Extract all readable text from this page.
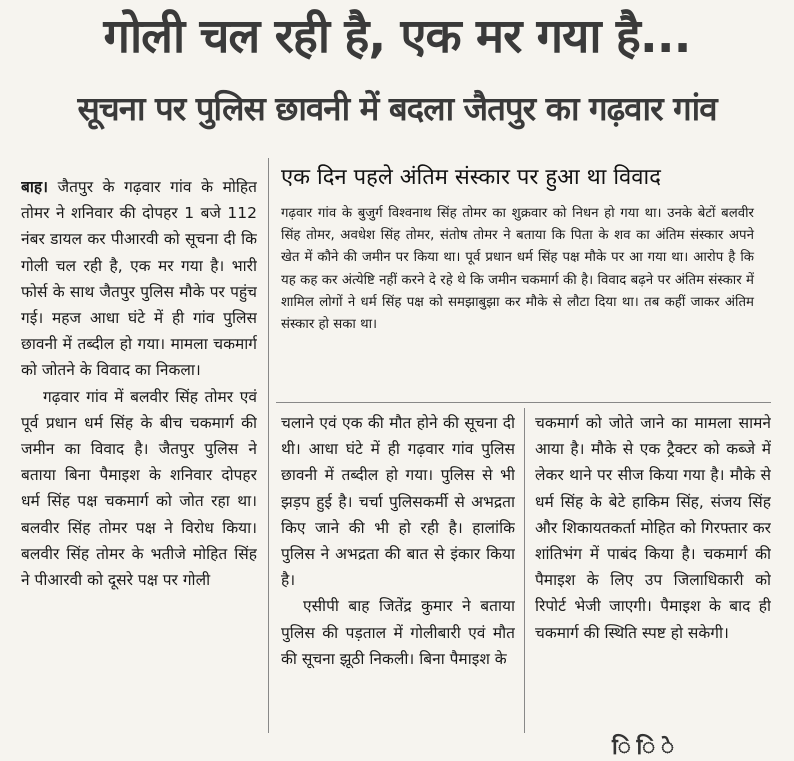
गोली चल रही है, एक मर गया है...
सूचना पर पुलिस छावनी में बदला जैतपुर का गढ़वार गांव

बाह। जैतपुर के गढ़वार गांव के मोहित तोमर ने शनिवार की दोपहर 1 बजे 112 नंबर डायल कर पीआरवी को सूचना दी कि गोली चल रही है, एक मर गया है। भारी फोर्स के साथ जैतपुर पुलिस मौके पर पहुंच गई। महज आधा घंटे में ही गांव पुलिस छावनी में तब्दील हो गया। मामला चकमार्ग को जोतने के विवाद का निकला।

गढ़वार गांव में बलवीर सिंह तोमर एवं पूर्व प्रधान धर्म सिंह के बीच चकमार्ग की जमीन का विवाद है। जैतपुर पुलिस ने बताया बिना पैमाइश के शनिवार दोपहर धर्म सिंह पक्ष चकमार्ग को जोत रहा था। बलवीर सिंह तोमर पक्ष ने विरोध किया। बलवीर सिंह तोमर के भतीजे मोहित सिंह ने पीआरवी को दूसरे पक्ष पर गोली

एक दिन पहले अंतिम संस्कार पर हुआ था विवाद
गढ़वार गांव के बुजुर्ग विश्वनाथ सिंह तोमर का शुक्रवार को निधन हो गया था। उनके बेटों बलवीर सिंह तोमर, अवधेश सिंह तोमर, संतोष तोमर ने बताया कि पिता के शव का अंतिम संस्कार अपने खेत में कौने की जमीन पर किया था। पूर्व प्रधान धर्म सिंह पक्ष मौके पर आ गया था। आरोप है कि यह कह कर अंत्येष्टि नहीं करने दे रहे थे कि जमीन चकमार्ग की है। विवाद बढ़ने पर अंतिम संस्कार में शामिल लोगों ने धर्म सिंह पक्ष को समझाबुझा कर मौके से लौटा दिया था। तब कहीं जाकर अंतिम संस्कार हो सका था।

चलाने एवं एक की मौत होने की सूचना दी थी। आधा घंटे में ही गढ़वार गांव पुलिस छावनी में तब्दील हो गया। पुलिस से भी झड़प हुई है। चर्चा पुलिसकर्मी से अभद्रता किए जाने की भी हो रही है। हालांकि पुलिस ने अभद्रता की बात से इंकार किया है।

एसीपी बाह जितेंद्र कुमार ने बताया पुलिस की पड़ताल में गोलीबारी एवं मौत की सूचना झूठी निकली। बिना पैमाइश के

चकमार्ग को जोते जाने का मामला सामने आया है। मौके से एक ट्रैक्टर को कब्जे में लेकर थाने पर सीज किया गया है। मौके से धर्म सिंह के बेटे हाकिम सिंह, संजय सिंह और शिकायतकर्ता मोहित को गिरफ्तार कर शांतिभंग में पाबंद किया है। चकमार्ग की पैमाइश के लिए उप जिलाधिकारी को रिपोर्ट भेजी जाएगी। पैमाइश के बाद ही चकमार्ग की स्थिति स्पष्ट हो सकेगी।

ि ि े
